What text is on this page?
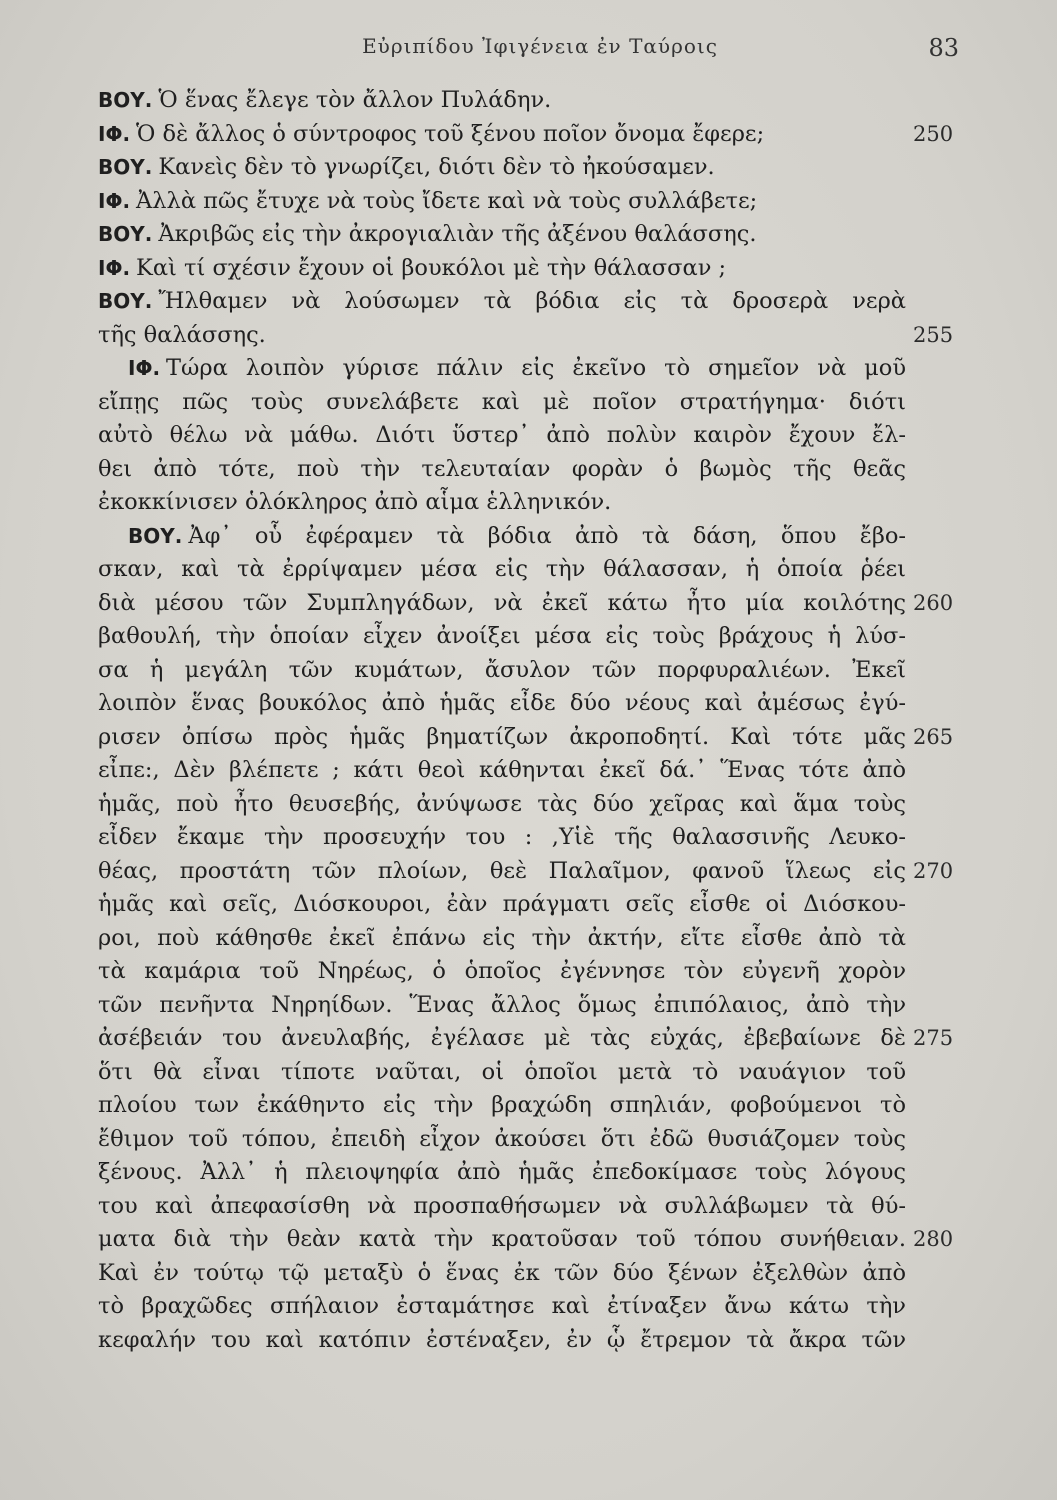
Εὐριπίδου Ἰφιγένεια ἐν Ταύροις	83
ΒΟΥ. Ὁ ἕνας ἔλεγε τὸν ἄλλον Πυλάδην.
ΙΦ. Ὁ δὲ ἄλλος ὁ σύντροφος τοῦ ξένου ποῖον ὄνομα ἔφερε;	250
ΒΟΥ. Κανεὶς δὲν τὸ γνωρίζει, διότι δὲν τὸ ἠκούσαμεν.
ΙΦ. Ἀλλὰ πῶς ἔτυχε νὰ τοὺς ἴδετε καὶ νὰ τοὺς συλλάβετε;
ΒΟΥ. Ἀκριβῶς εἰς τὴν ἀκρογιαλιὰν τῆς ἀξένου θαλάσσης.
ΙΦ. Καὶ τί σχέσιν ἔχουν οἱ βουκόλοι μὲ τὴν θάλασσαν ;
ΒΟΥ. Ἤλθαμεν νὰ λούσωμεν τὰ βόδια εἰς τὰ δροσερὰ νερὰ
τῆς θαλάσσης.	255
ΙΦ. Τώρα λοιπὸν γύρισε πάλιν εἰς ἐκεῖνο τὸ σημεῖον νὰ μοῦ
εἴπῃς πῶς τοὺς συνελάβετε καὶ μὲ ποῖον στρατήγημα· διότι
αὐτὸ θέλω νὰ μάθω. Διότι ὕστερ᾽ ἀπὸ πολὺν καιρὸν ἔχουν ἔλ-
θει ἀπὸ τότε, ποὺ τὴν τελευταίαν φορὰν ὁ βωμὸς τῆς θεᾶς
ἐκοκκίνισεν ὁλόκληρος ἀπὸ αἷμα ἑλληνικόν.
ΒΟΥ. Ἀφ᾽ οὗ ἐφέραμεν τὰ βόδια ἀπὸ τὰ δάση, ὅπου ἔβο-
σκαν, καὶ τὰ ἐρρίψαμεν μέσα εἰς τὴν θάλασσαν, ἡ ὁποία ῥέει
διὰ μέσου τῶν Συμπληγάδων, νὰ ἐκεῖ κάτω ἦτο μία κοιλότης 260
βαθουλή, τὴν ὁποίαν εἶχεν ἀνοίξει μέσα εἰς τοὺς βράχους ἡ λύσ-
σα ἡ μεγάλη τῶν κυμάτων, ἄσυλον τῶν πορφυραλιέων. Ἐκεῖ
λοιπὸν ἕνας βουκόλος ἀπὸ ἡμᾶς εἶδε δύο νέους καὶ ἀμέσως ἐγύ-
ρισεν ὀπίσω πρὸς ἡμᾶς βηματίζων ἀκροποδητί. Καὶ τότε μᾶς 265
εἶπε:, Δὲν βλέπετε ; κάτι θεοὶ κάθηνται ἐκεῖ δά.᾽ Ἕνας τότε ἀπὸ
ἡμᾶς, ποὺ ἦτο θευσεβής, ἀνύψωσε τὰς δύο χεῖρας καὶ ἅμα τοὺς
εἶδεν ἔκαμε τὴν προσευχήν του : ,Υἱὲ τῆς θαλασσινῆς Λευκο-
θέας, προστάτη τῶν πλοίων, θεὲ Παλαῖμον, φανοῦ ἵλεως εἰς 270
ἡμᾶς καὶ σεῖς, Διόσκουροι, ἐὰν πράγματι σεῖς εἶσθε οἱ Διόσκου-
ροι, ποὺ κάθησθε ἐκεῖ ἐπάνω εἰς τὴν ἀκτήν, εἴτε εἶσθε ἀπὸ τὰ
τὰ καμάρια τοῦ Νηρέως, ὁ ὁποῖος ἐγέννησε τὸν εὐγενῆ χορὸν
τῶν πενῆντα Νηρηίδων. Ἕνας ἄλλος ὅμως ἐπιπόλαιος, ἀπὸ τὴν
ἀσέβειάν του ἀνευλαβής, ἐγέλασε μὲ τὰς εὐχάς, ἐβεβαίωνε δὲ 275
ὅτι θὰ εἶναι τίποτε ναῦται, οἱ ὁποῖοι μετὰ τὸ ναυάγιον τοῦ
πλοίου των ἐκάθηντο εἰς τὴν βραχώδη σπηλιάν, φοβούμενοι τὸ
ἔθιμον τοῦ τόπου, ἐπειδὴ εἶχον ἀκούσει ὅτι ἐδῶ θυσιάζομεν τοὺς
ξένους. Ἀλλ᾽ ἡ πλειοψηφία ἀπὸ ἡμᾶς ἐπεδοκίμασε τοὺς λόγους
του καὶ ἀπεφασίσθη νὰ προσπαθήσωμεν νὰ συλλάβωμεν τὰ θύ-
ματα διὰ τὴν θεὰν κατὰ τὴν κρατοῦσαν τοῦ τόπου συνήθειαν. 280
Καὶ ἐν τούτῳ τῷ μεταξὺ ὁ ἕνας ἐκ τῶν δύο ξένων ἐξελθὼν ἀπὸ
τὸ βραχῶδες σπήλαιον ἐσταμάτησε καὶ ἐτίναξεν ἄνω κάτω τὴν
κεφαλήν του καὶ κατόπιν ἐστέναξεν, ἐν ᾧ ἔτρεμον τὰ ἄκρα τῶν
